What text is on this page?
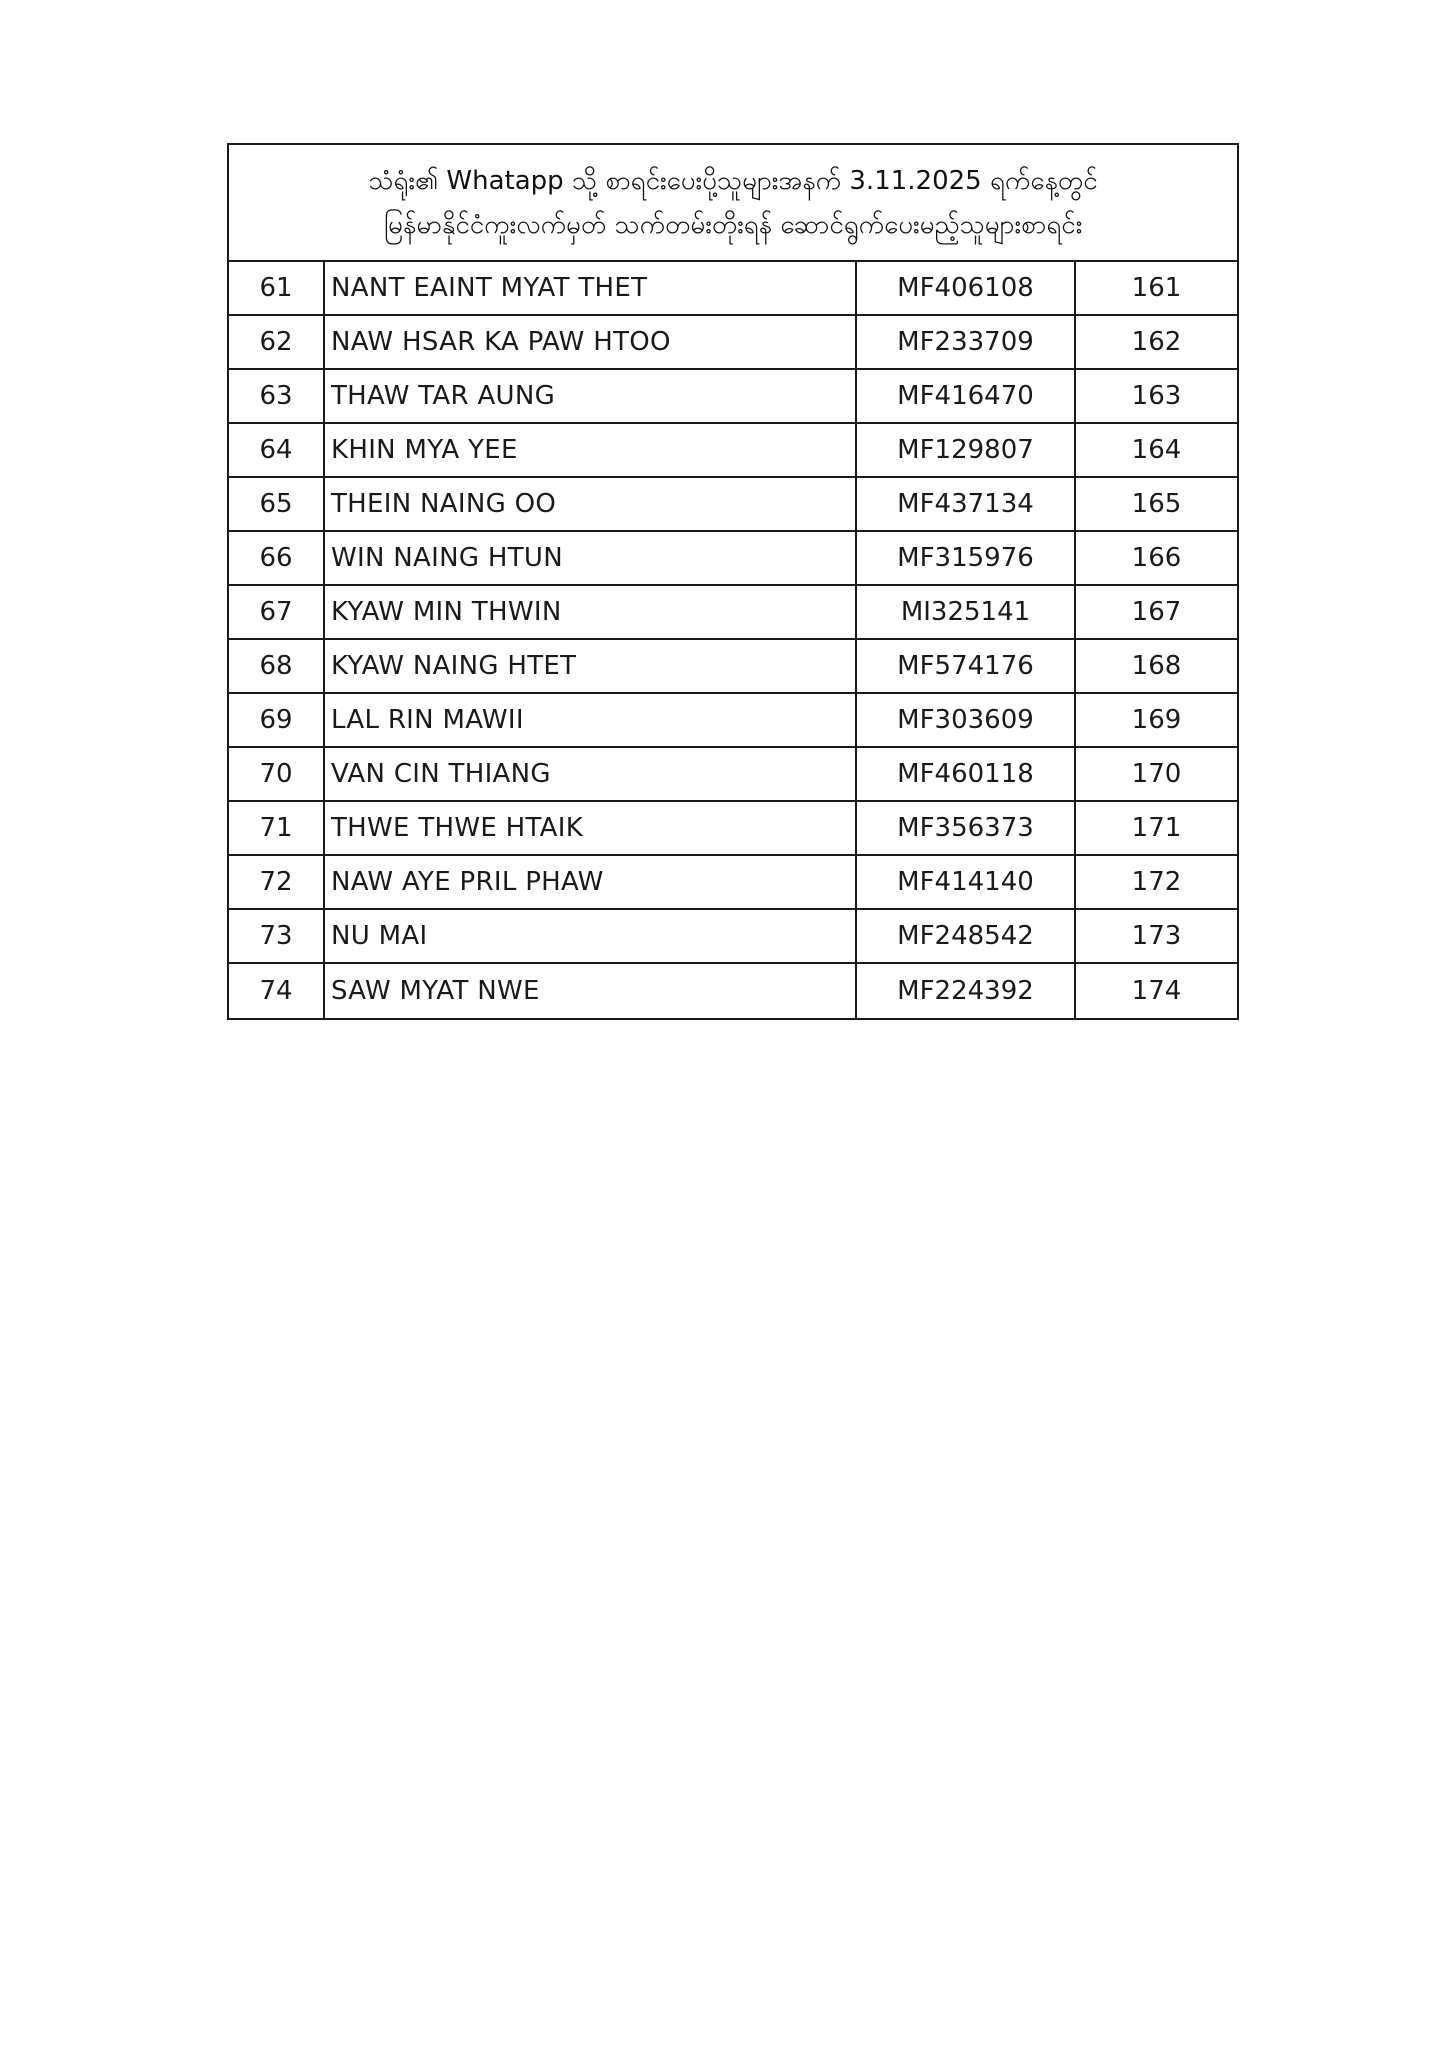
သံရုံး၏ Whatapp သို့ စာရင်းပေးပို့သူများအနက် 3.11.2025 ရက်နေ့တွင်
မြန်မာနိုင်ငံကူးလက်မှတ် သက်တမ်းတိုးရန် ဆောင်ရွက်ပေးမည့်သူများစာရင်း
61	NANT EAINT MYAT THET	MF406108	161
62	NAW HSAR KA PAW HTOO	MF233709	162
63	THAW TAR AUNG	MF416470	163
64	KHIN MYA YEE	MF129807	164
65	THEIN NAING OO	MF437134	165
66	WIN NAING HTUN	MF315976	166
67	KYAW MIN THWIN	MI325141	167
68	KYAW NAING HTET	MF574176	168
69	LAL RIN MAWII	MF303609	169
70	VAN CIN THIANG	MF460118	170
71	THWE THWE HTAIK	MF356373	171
72	NAW AYE PRIL PHAW	MF414140	172
73	NU MAI	MF248542	173
74	SAW MYAT NWE	MF224392	174
